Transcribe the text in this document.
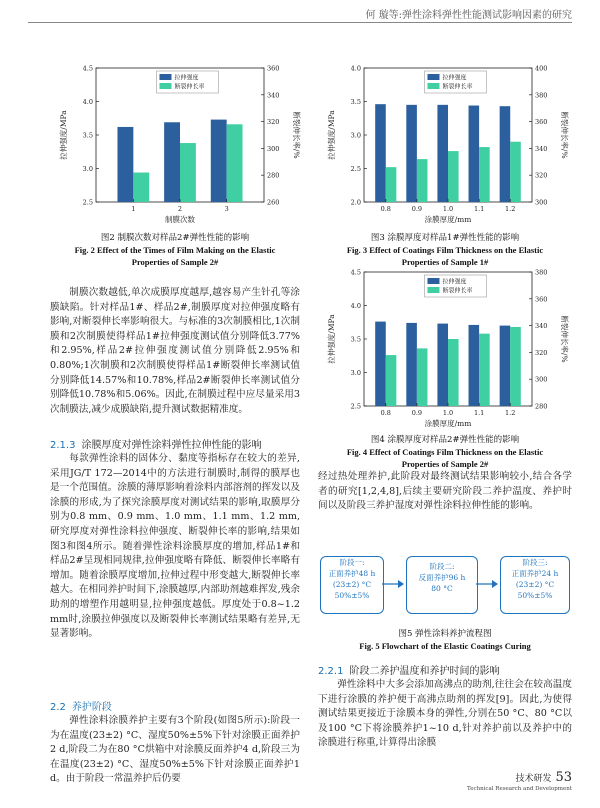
何 璇等:弹性涂料弹性性能测试影响因素的研究
2.5
3.0
3.5
4.0
4.5
260
280
300
320
340
360
1	2	3
制膜次数
拉伸强度/MPa	断裂伸长率/%
拉伸强度
断裂伸长率
图2 制膜次数对样品2#弹性性能的影响
Fig. 2 Effect of the Times of Film Making on the Elastic
Properties of Sample 2#
2.0
2.5
3.0
3.5
4.0
300
320
340
360
380
400
0.8	0.9	1.0	1.1	1.2
涂膜厚度/mm
拉伸强度/MPa	断裂伸长率/%
拉伸强度
断裂伸长率
图3 涂膜厚度对样品1#弹性性能的影响
Fig. 3 Effect of Coatings Film Thickness on the Elastic
Properties of Sample 1#
2.5
3.0
3.5
4.0
4.5
280
300
320
340
360
380
0.8	0.9	1.0	1.1	1.2
涂膜厚度/mm
拉伸强度/MPa	断裂伸长率/%
拉伸强度
断裂伸长率
图4 涂膜厚度对样品2#弹性性能的影响
Fig. 4 Effect of Coatings Film Thickness on the Elastic
Properties of Sample 2#

制膜次数越低,单次成膜厚度越厚,越容易产生针孔等涂膜缺陷。针对样品1#、样品2#,制膜厚度对拉伸强度略有影响,对断裂伸长率影响很大。与标准的3次制膜相比,1次制膜和2次制膜使得样品1#拉伸强度测试值分别降低3.77%和2.95%,样品2#拉伸强度测试值分别降低2.95%和0.80%;1次制膜和2次制膜使得样品1#断裂伸长率测试值分别降低14.57%和10.78%,样品2#断裂伸长率测试值分别降低10.78%和5.06%。因此,在制膜过程中应尽量采用3次制膜法,减少成膜缺陷,提升测试数据精准度。

2.1.3 涂膜厚度对弹性涂料弹性拉伸性能的影响

每款弹性涂料的固体分、黏度等指标存在较大的差异,采用JG/T 172—2014中的方法进行制膜时,制得的膜厚也是一个范围值。涂膜的薄厚影响着涂料内部溶剂的挥发以及涂膜的形成,为了探究涂膜厚度对测试结果的影响,取膜厚分别为0.8 mm、0.9 mm、1.0 mm、1.1 mm、1.2 mm,研究厚度对弹性涂料拉伸强度、断裂伸长率的影响,结果如图3和图4所示。随着弹性涂料涂膜厚度的增加,样品1#和样品2#呈现相同规律,拉伸强度略有降低、断裂伸长率略有增加。随着涂膜厚度增加,拉伸过程中形变越大,断裂伸长率越大。在相同养护时间下,涂膜越厚,内部助剂越难挥发,残余助剂的增塑作用越明显,拉伸强度越低。厚度处于0.8~1.2 mm时,涂膜拉伸强度以及断裂伸长率测试结果略有差异,无显著影响。

2.2 养护阶段

弹性涂料涂膜养护主要有3个阶段(如图5所示):阶段一为在温度(23±2) °C、湿度50%±5%下针对涂膜正面养护2 d,阶段二为在80 °C烘箱中对涂膜反面养护4 d,阶段三为在温度(23±2) °C、湿度50%±5%下针对涂膜正面养护1 d。由于阶段一常温养护后仍要

经过热处理养护,此阶段对最终测试结果影响较小,结合各学者的研究[1,2,4,8],后续主要研究阶段二养护温度、养护时间以及阶段三养护湿度对弹性涂料拉伸性能的影响。

阶段一:
正面养护48 h
(23±2) °C
50%±5%
阶段二:
反面养护96 h
80 °C
阶段三:
正面养护24 h
(23±2) °C
50%±5%
图5 弹性涂料养护流程图
Fig. 5 Flowchart of the Elastic Coatings Curing
2.2.1 阶段二养护温度和养护时间的影响

弹性涂料中大多会添加高沸点的助剂,往往会在较高温度下进行涂膜的养护便于高沸点助剂的挥发[9]。因此,为使得测试结果更接近于涂膜本身的弹性,分别在50 °C、80 °C以及100 °C下将涂膜养护1~10 d,针对养护前以及养护中的涂膜进行称重,计算得出涂膜

技术研发 53
Technical Research and Development
